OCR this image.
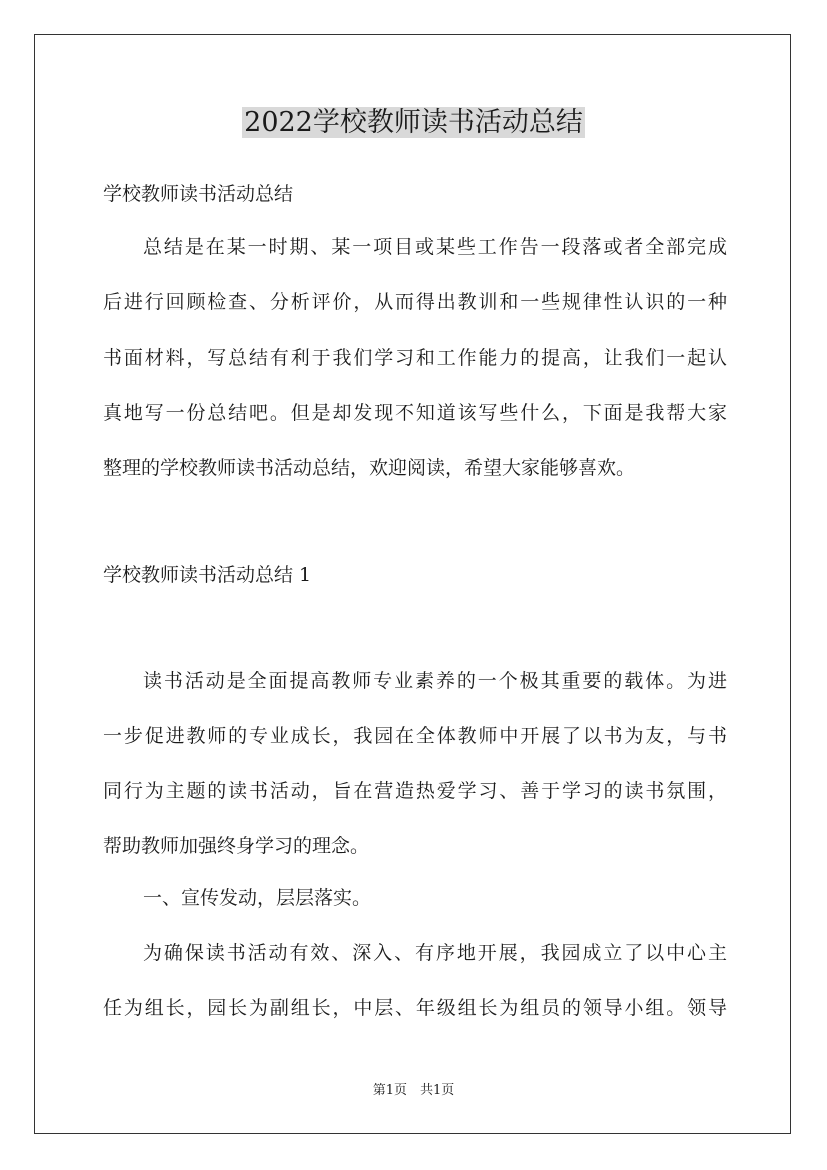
2022学校教师读书活动总结
学校教师读书活动总结
总结是在某一时期、某一项目或某些工作告一段落或者全部完成
后进行回顾检查、分析评价，从而得出教训和一些规律性认识的一种
书面材料，写总结有利于我们学习和工作能力的提高，让我们一起认
真地写一份总结吧。但是却发现不知道该写些什么，下面是我帮大家
整理的学校教师读书活动总结，欢迎阅读，希望大家能够喜欢。
学校教师读书活动总结 1
读书活动是全面提高教师专业素养的一个极其重要的载体。为进
一步促进教师的专业成长，我园在全体教师中开展了以书为友，与书
同行为主题的读书活动，旨在营造热爱学习、善于学习的读书氛围，
帮助教师加强终身学习的理念。
一、宣传发动，层层落实。
为确保读书活动有效、深入、有序地开展，我园成立了以中心主
任为组长，园长为副组长，中层、年级组长为组员的领导小组。领导
第1页　共1页
